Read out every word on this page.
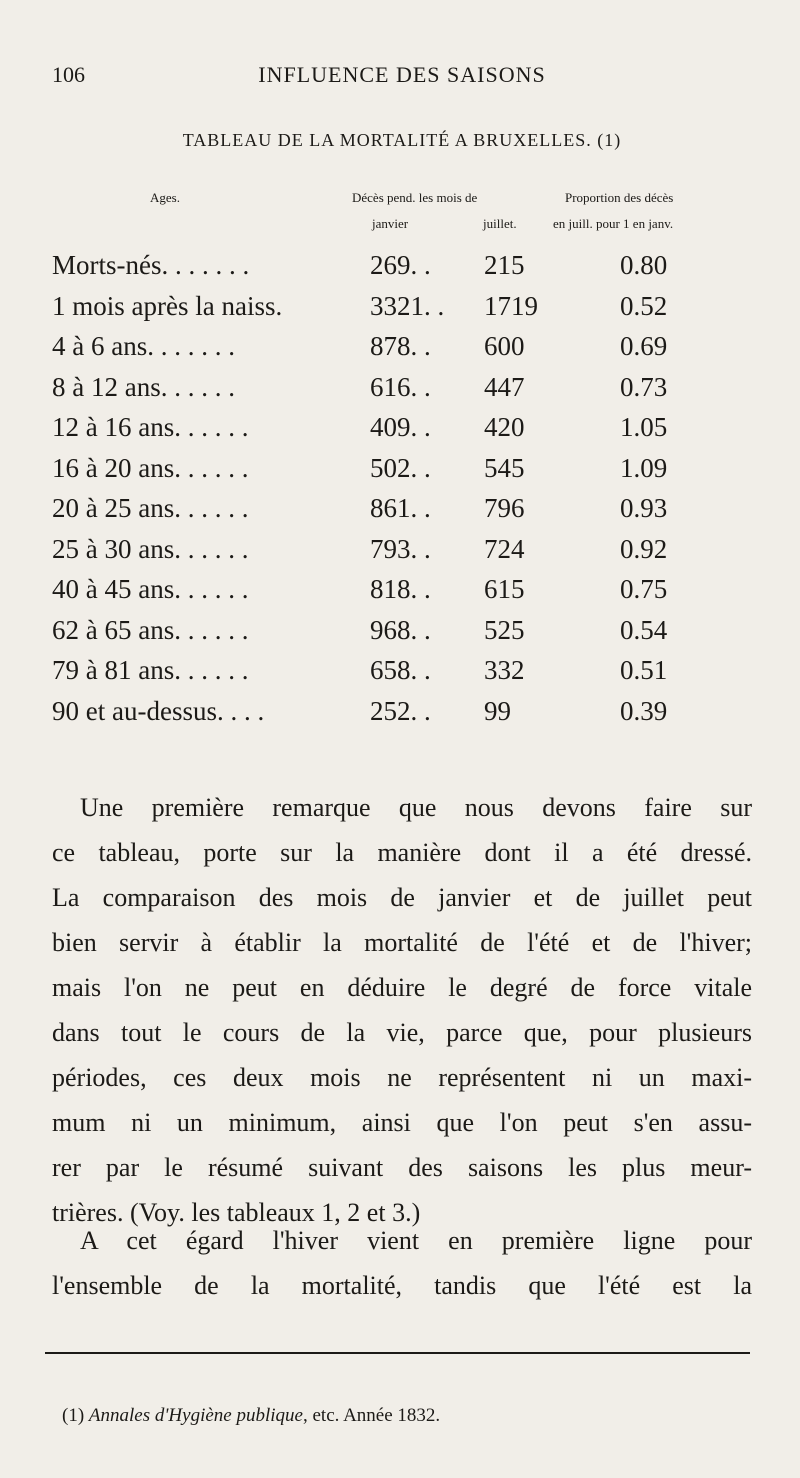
106	INFLUENCE DES SAISONS
TABLEAU DE LA MORTALITÉ A BRUXELLES. (1)
Ages.	Décès pend. les mois de
janvier	juillet.
Proportion des décès
en juill. pour 1 en janv.
Morts-nés. . . . . . .	269. . 215	0.80
1 mois après la naiss.	3321. . 1719	0.52
4 à 6 ans. . . . . . .	878. . 600	0.69
8 à 12 ans. . . . . .	616. . 447	0.73
12 à 16 ans. . . . . .	409. . 420	1.05
16 à 20 ans. . . . . .	502. . 545	1.09
20 à 25 ans. . . . . .	861. . 796	0.93
25 à 30 ans. . . . . .	793. . 724	0.92
40 à 45 ans. . . . . .	818. . 615	0.75
62 à 65 ans. . . . . .	968. . 525	0.54
79 à 81 ans. . . . . .	658. . 332	0.51
90 et au-dessus. . . .	252. . 99	0.39
Une première remarque que nous devons faire sur
ce tableau, porte sur la manière dont il a été dressé.
La comparaison des mois de janvier et de juillet peut
bien servir à établir la mortalité de l'été et de l'hiver;
mais l'on ne peut en déduire le degré de force vitale
dans tout le cours de la vie, parce que, pour plusieurs
périodes, ces deux mois ne représentent ni un maxi-
mum ni un minimum, ainsi que l'on peut s'en assu-
rer par le résumé suivant des saisons les plus meur-
trières. (Voy. les tableaux 1, 2 et 3.)
A cet égard l'hiver vient en première ligne pour
l'ensemble de la mortalité, tandis que l'été est la
(1) Annales d'Hygiène publique, etc. Année 1832.
